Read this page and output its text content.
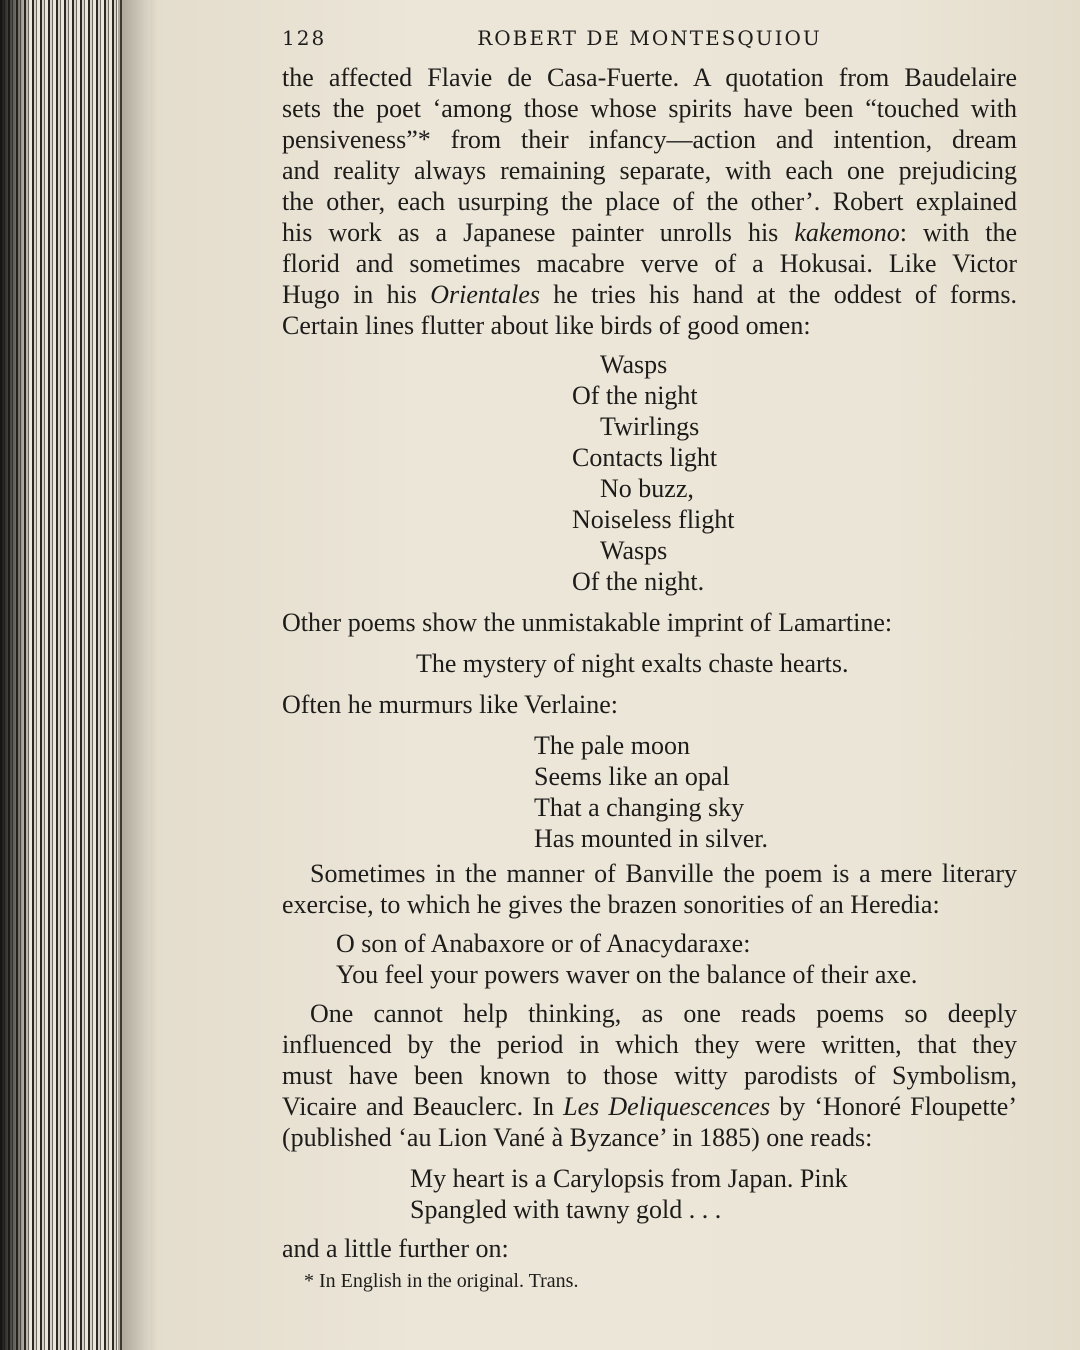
128	ROBERT DE MONTESQUIOU

the affected Flavie de Casa-Fuerte. A quotation from Baudelaire
sets the poet ‘among those whose spirits have been “touched with
pensiveness”* from their infancy—action and intention, dream
and reality always remaining separate, with each one prejudicing
the other, each usurping the place of the other’. Robert explained
his work as a Japanese painter unrolls his kakemono: with the
florid and sometimes macabre verve of a Hokusai. Like Victor
Hugo in his Orientales he tries his hand at the oddest of forms.
Certain lines flutter about like birds of good omen:

Wasps
Of the night
Twirlings
Contacts light
No buzz,
Noiseless flight
Wasps
Of the night.

Other poems show the unmistakable imprint of Lamartine:

The mystery of night exalts chaste hearts.

Often he murmurs like Verlaine:

The pale moon
Seems like an opal
That a changing sky
Has mounted in silver.

Sometimes in the manner of Banville the poem is a mere literary
exercise, to which he gives the brazen sonorities of an Heredia:

O son of Anabaxore or of Anacydaraxe:
You feel your powers waver on the balance of their axe.

One cannot help thinking, as one reads poems so deeply
influenced by the period in which they were written, that they
must have been known to those witty parodists of Symbolism,
Vicaire and Beauclerc. In Les Deliquescences by ‘Honoré Floupette’
(published ‘au Lion Vané à Byzance’ in 1885) one reads:

My heart is a Carylopsis from Japan. Pink
Spangled with tawny gold . . .

and a little further on:

* In English in the original. Trans.
